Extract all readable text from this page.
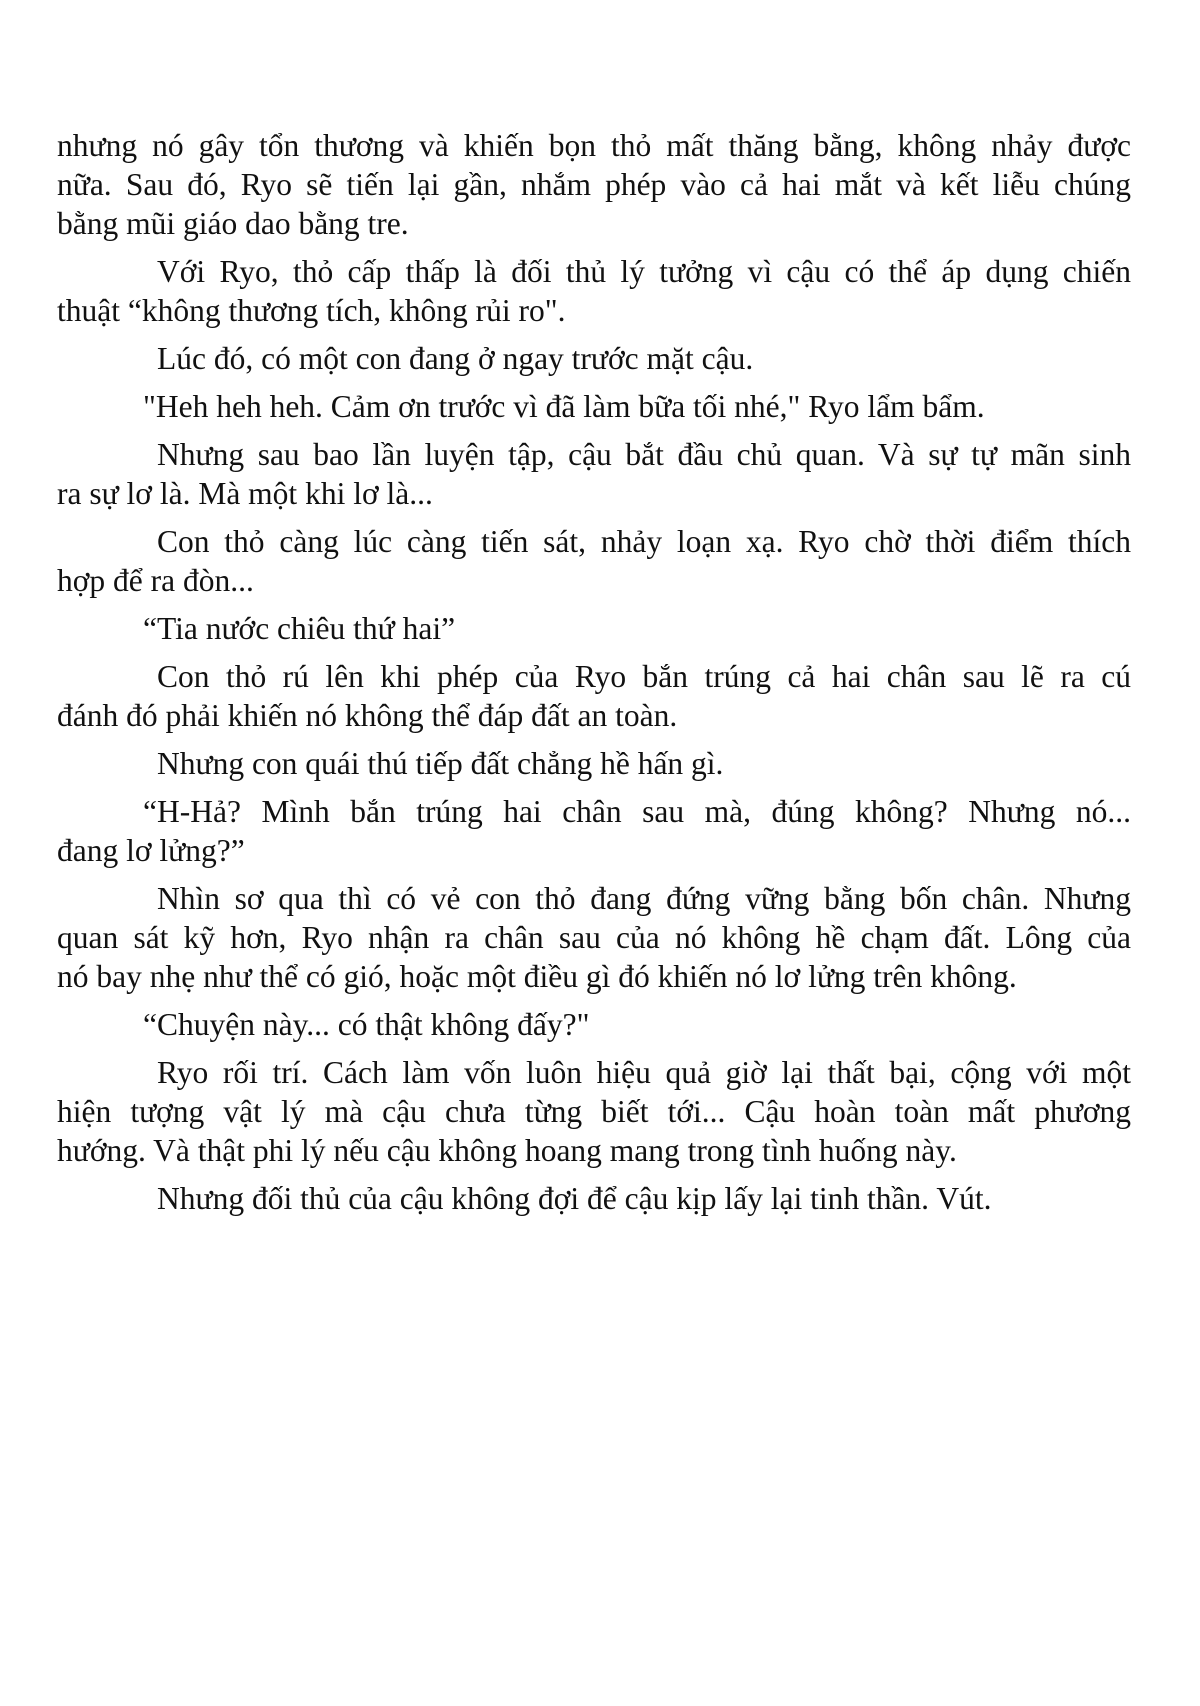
nhưng nó gây tổn thương và khiến bọn thỏ mất thăng bằng, không nhảy được
nữa. Sau đó, Ryo sẽ tiến lại gần, nhắm phép vào cả hai mắt và kết liễu chúng
bằng mũi giáo dao bằng tre.

Với Ryo, thỏ cấp thấp là đối thủ lý tưởng vì cậu có thể áp dụng chiến
thuật “không thương tích, không rủi ro".

Lúc đó, có một con đang ở ngay trước mặt cậu.

"Heh heh heh. Cảm ơn trước vì đã làm bữa tối nhé," Ryo lẩm bẩm.

Nhưng sau bao lần luyện tập, cậu bắt đầu chủ quan. Và sự tự mãn sinh
ra sự lơ là. Mà một khi lơ là...

Con thỏ càng lúc càng tiến sát, nhảy loạn xạ. Ryo chờ thời điểm thích
hợp để ra đòn...

“Tia nước chiêu thứ hai”

Con thỏ rú lên khi phép của Ryo bắn trúng cả hai chân sau lẽ ra cú
đánh đó phải khiến nó không thể đáp đất an toàn.

Nhưng con quái thú tiếp đất chẳng hề hấn gì.

“H-Hả? Mình bắn trúng hai chân sau mà, đúng không? Nhưng nó...
đang lơ lửng?”

Nhìn sơ qua thì có vẻ con thỏ đang đứng vững bằng bốn chân. Nhưng
quan sát kỹ hơn, Ryo nhận ra chân sau của nó không hề chạm đất. Lông của
nó bay nhẹ như thể có gió, hoặc một điều gì đó khiến nó lơ lửng trên không.

“Chuyện này... có thật không đấy?"

Ryo rối trí. Cách làm vốn luôn hiệu quả giờ lại thất bại, cộng với một
hiện tượng vật lý mà cậu chưa từng biết tới... Cậu hoàn toàn mất phương
hướng. Và thật phi lý nếu cậu không hoang mang trong tình huống này.

Nhưng đối thủ của cậu không đợi để cậu kịp lấy lại tinh thần. Vút.
